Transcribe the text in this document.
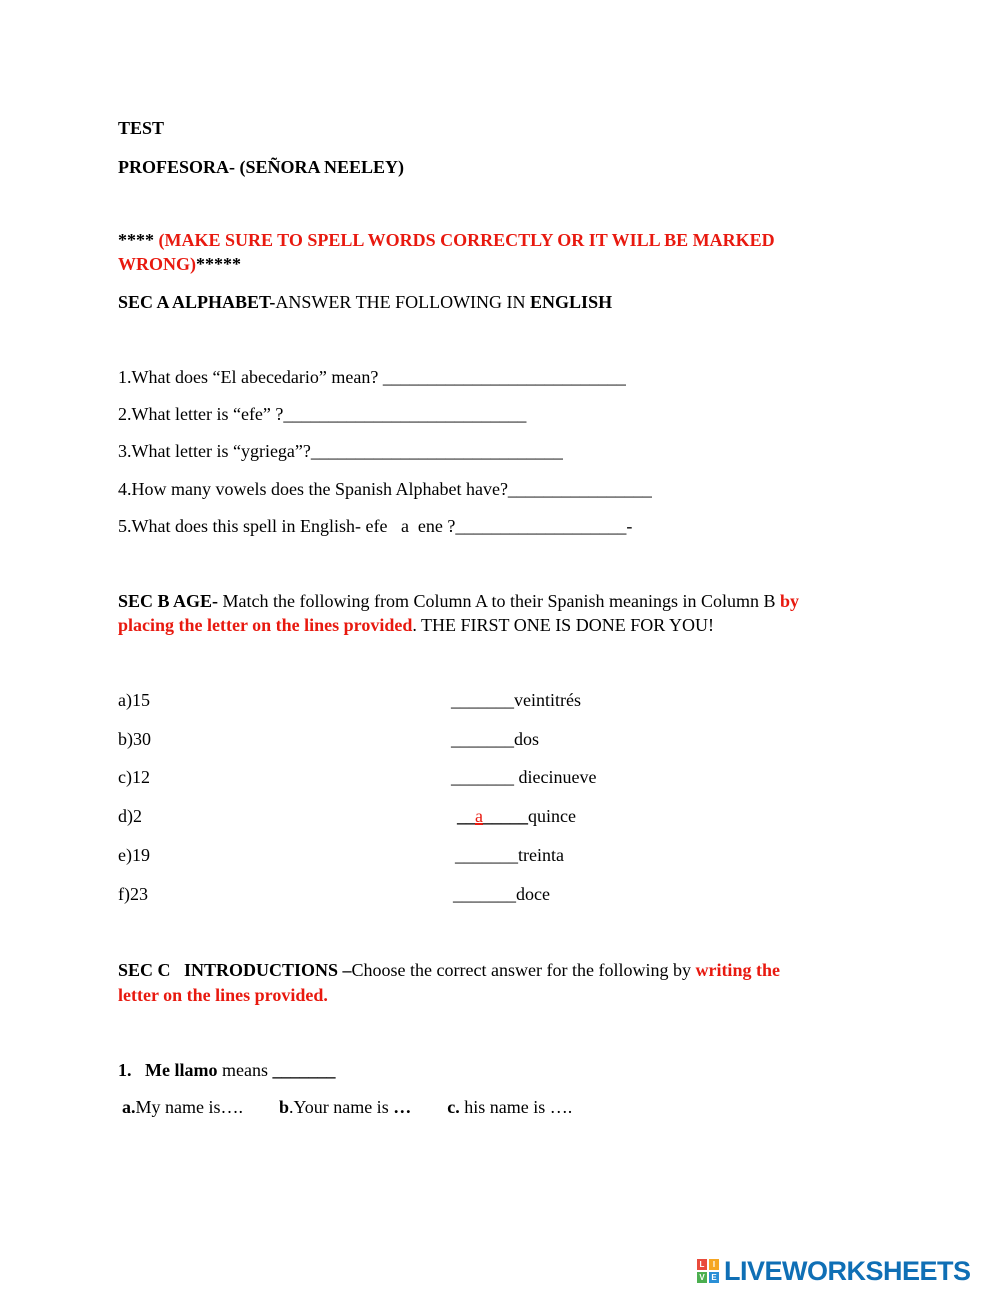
TEST
PROFESORA- (SEÑORA NEELEY)
**** (MAKE SURE TO SPELL WORDS CORRECTLY OR IT WILL BE MARKED
WRONG)*****
SEC A ALPHABET-ANSWER THE FOLLOWING IN ENGLISH
1.What does “El abecedario” mean? ___________________________
2.What letter is “efe” ?___________________________
3.What letter is “ygriega”?____________________________
4.How many vowels does the Spanish Alphabet have?________________
5.What does this spell in English- efe   a  ene ?___________________-
SEC B AGE- Match the following from Column A to their Spanish meanings in Column B by
placing the letter on the lines provided. THE FIRST ONE IS DONE FOR YOU!
a)15
b)30
c)12
d)2
e)19
f)23
_______veintitrés
_______dos
_______ diecinueve
__a_____quince
_______treinta
_______doce
SEC C   INTRODUCTIONS –Choose the correct answer for the following by writing the
letter on the lines provided.
1. Me llamo means _______
a.My name is…. b.Your name is … c. his name is ….
L	I
V E LIVEWORKSHEETS
